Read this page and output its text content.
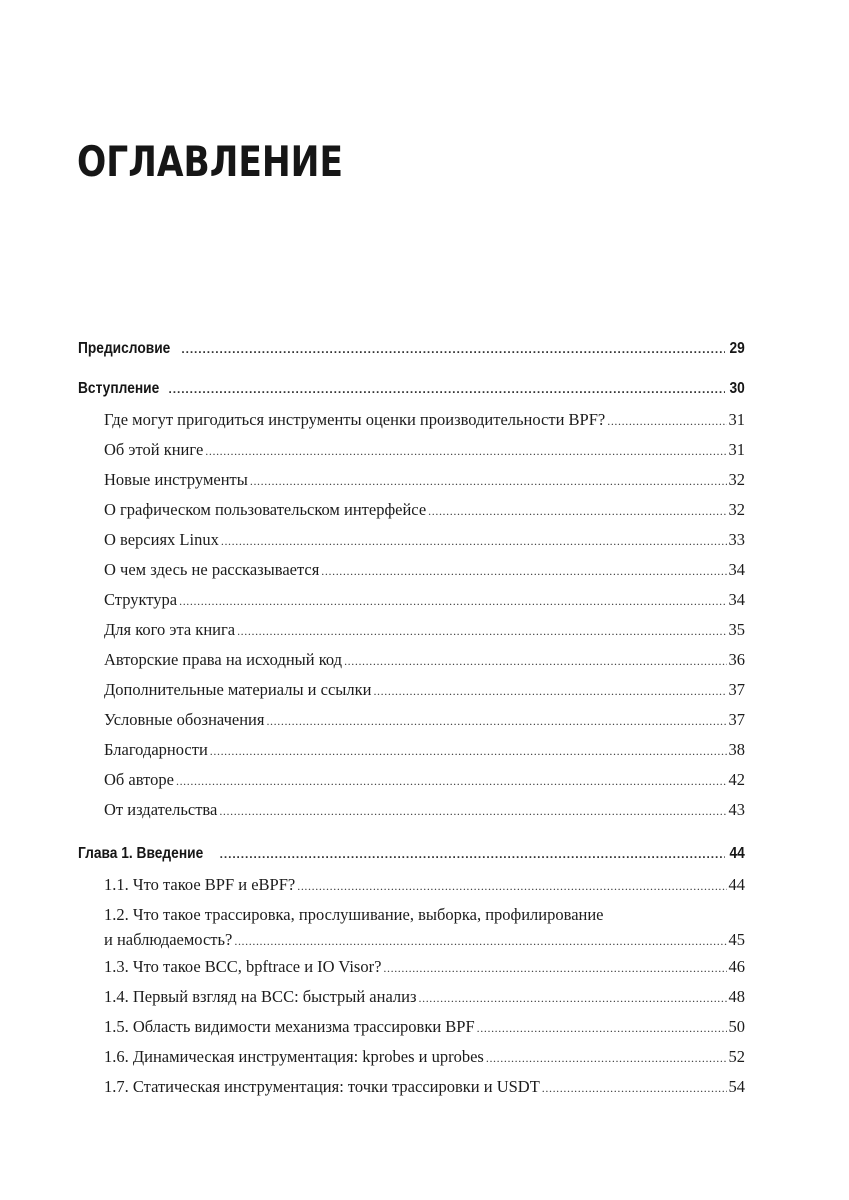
ОГЛАВЛЕНИЕ
Предисловие .....	29
Вступление .....	30
Где могут пригодиться инструменты оценки производительности BPF? .....	31
Об этой книге .....	31
Новые инструменты .....	32
О графическом пользовательском интерфейсе .....	32
О версиях Linux .....	33
О чем здесь не рассказывается .....	34
Структура .....	34
Для кого эта книга .....	35
Авторские права на исходный код .....	36
Дополнительные материалы и ссылки .....	37
Условные обозначения .....	37
Благодарности .....	38
Об авторе .....	42
От издательства .....	43
Глава 1. Введение .....	44
1.1. Что такое BPF и eBPF? .....	44
1.2. Что такое трассировка, прослушивание, выборка, профилирование
и наблюдаемость? .....	45
1.3. Что такое BCC, bpftrace и IO Visor? .....	46
1.4. Первый взгляд на BCC: быстрый анализ .....	48
1.5. Область видимости механизма трассировки BPF .....	50
1.6. Динамическая инструментация: kprobes и uprobes .....	52
1.7. Статическая инструментация: точки трассировки и USDT .....	54
